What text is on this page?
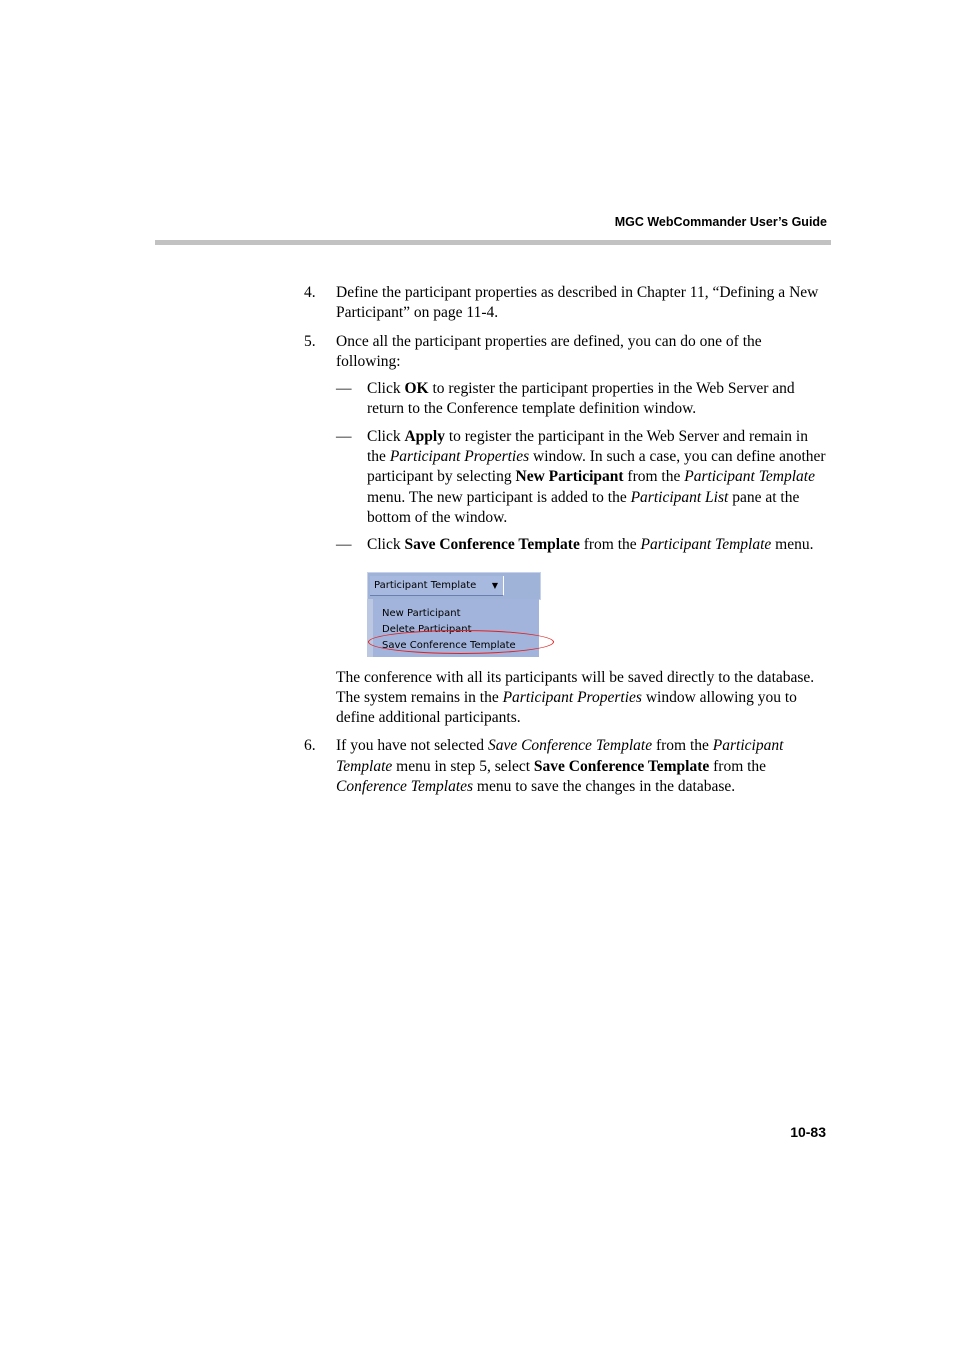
MGC WebCommander User’s Guide
4. Define the participant properties as described in Chapter 11, “Defining a New Participant” on page 11-4.
5. Once all the participant properties are defined, you can do one of the following:
— Click OK to register the participant properties in the Web Server and return to the Conference template definition window.
— Click Apply to register the participant in the Web Server and remain in the Participant Properties window. In such a case, you can define another participant by selecting New Participant from the Participant Template menu. The new participant is added to the Participant List pane at the bottom of the window.
— Click Save Conference Template from the Participant Template menu.
Participant Template ▼
New Participant
Delete Participant
Save Conference Template
The conference with all its participants will be saved directly to the database. The system remains in the Participant Properties window allowing you to define additional participants.
6. If you have not selected Save Conference Template from the Participant Template menu in step 5, select Save Conference Template from the Conference Templates menu to save the changes in the database.
10-83
